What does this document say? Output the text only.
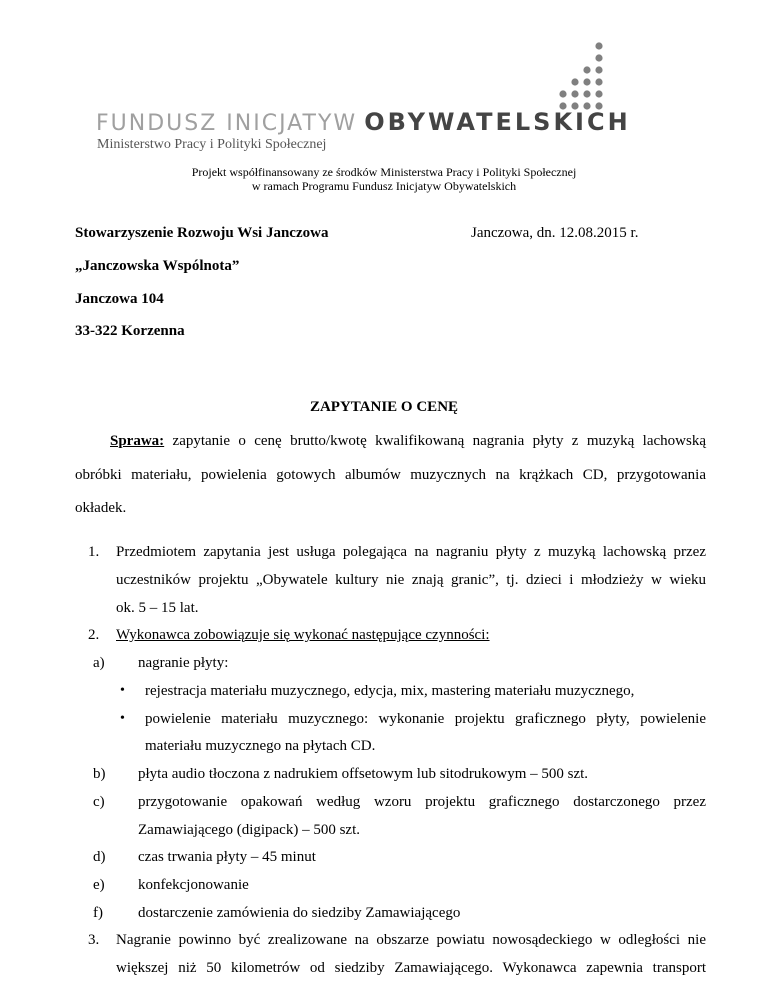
FUNDUSZ INICJATYW OBYWATELSKICH
Ministerstwo Pracy i Polityki Społecznej
Projekt współfinansowany ze środków Ministerstwa Pracy i Polityki Społecznej
w ramach Programu Fundusz Inicjatyw Obywatelskich
Stowarzyszenie Rozwoju Wsi Janczowa	Janczowa, dn. 12.08.2015 r.
„Janczowska Wspólnota”
Janczowa 104
33-322 Korzenna
ZAPYTANIE O CENĘ
Sprawa: zapytanie o cenę brutto/kwotę kwalifikowaną nagrania płyty z muzyką lachowską
obróbki materiału, powielenia gotowych albumów muzycznych na krążkach CD, przygotowania
okładek.
1. Przedmiotem zapytania jest usługa polegająca na nagraniu płyty z muzyką lachowską przez
uczestników projektu „Obywatele kultury nie znają granic”, tj. dzieci i młodzieży w wieku
ok. 5 – 15 lat.
2. Wykonawca zobowiązuje się wykonać następujące czynności:
a) nagranie płyty:
• rejestracja materiału muzycznego, edycja, mix, mastering materiału muzycznego,
• powielenie materiału muzycznego: wykonanie projektu graficznego płyty, powielenie
materiału muzycznego na płytach CD.
b) płyta audio tłoczona z nadrukiem offsetowym lub sitodrukowym – 500 szt.
c) przygotowanie opakowań według wzoru projektu graficznego dostarczonego przez
Zamawiającego (digipack) – 500 szt.
d) czas trwania płyty – 45 minut
e) konfekcjonowanie
f) dostarczenie zamówienia do siedziby Zamawiającego
3. Nagranie powinno być zrealizowane na obszarze powiatu nowosądeckiego w odległości nie
większej niż 50 kilometrów od siedziby Zamawiającego. Wykonawca zapewnia transport
